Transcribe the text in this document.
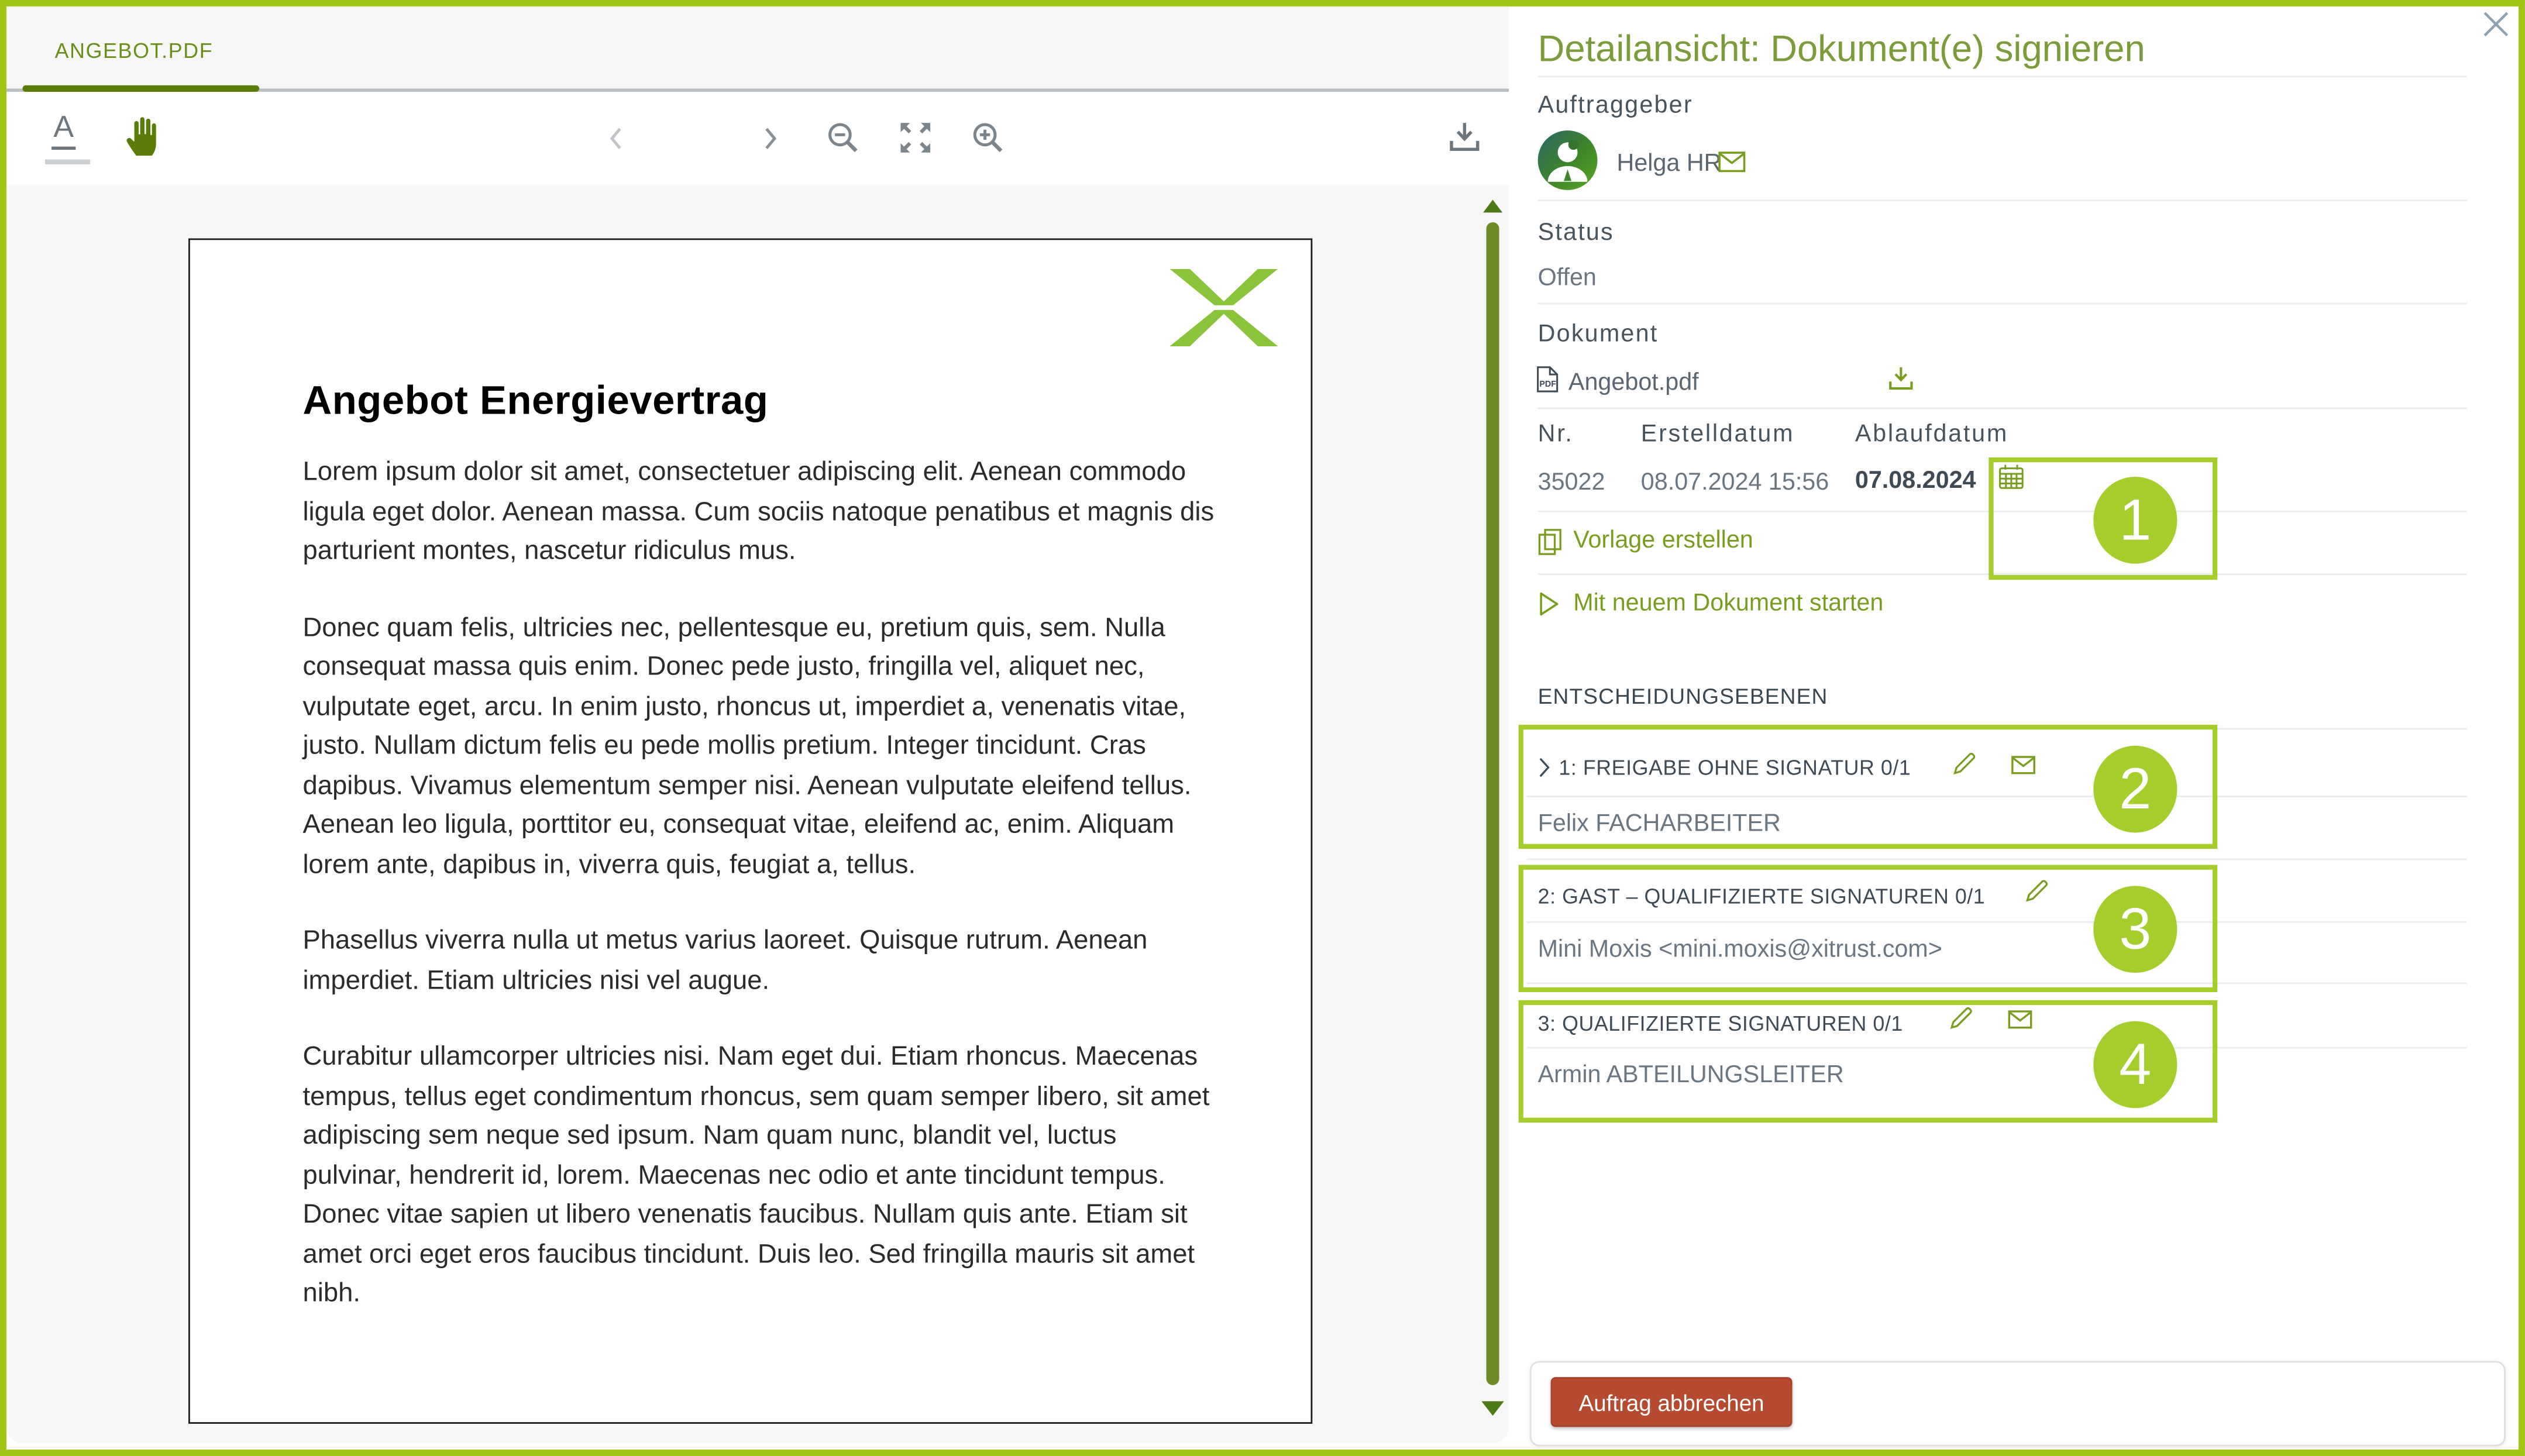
ANGEBOT.PDF
A
Angebot Energievertrag

Lorem ipsum dolor sit amet, consectetuer adipiscing elit. Aenean commodo ligula eget dolor. Aenean massa. Cum sociis natoque penatibus et magnis dis parturient montes, nascetur ridiculus mus.

Donec quam felis, ultricies nec, pellentesque eu, pretium quis, sem. Nulla consequat massa quis enim. Donec pede justo, fringilla vel, aliquet nec, vulputate eget, arcu. In enim justo, rhoncus ut, imperdiet a, venenatis vitae, justo. Nullam dictum felis eu pede mollis pretium. Integer tincidunt. Cras dapibus. Vivamus elementum semper nisi. Aenean vulputate eleifend tellus. Aenean leo ligula, porttitor eu, consequat vitae, eleifend ac, enim. Aliquam lorem ante, dapibus in, viverra quis, feugiat a, tellus.

Phasellus viverra nulla ut metus varius laoreet. Quisque rutrum. Aenean imperdiet. Etiam ultricies nisi vel augue.

Curabitur ullamcorper ultricies nisi. Nam eget dui. Etiam rhoncus. Maecenas tempus, tellus eget condimentum rhoncus, sem quam semper libero, sit amet adipiscing sem neque sed ipsum. Nam quam nunc, blandit vel, luctus pulvinar, hendrerit id, lorem. Maecenas nec odio et ante tincidunt tempus. Donec vitae sapien ut libero venenatis faucibus. Nullam quis ante. Etiam sit amet orci eget eros faucibus tincidunt. Duis leo. Sed fringilla mauris sit amet nibh.

Detailansicht: Dokument(e) signieren
Auftraggeber
Helga HR
Status
Offen
Dokument
PDF Angebot.pdf
Nr.	Erstelldatum	Ablaufdatum
35022	08.07.2024 15:56	07.08.2024
Vorlage erstellen
Mit neuem Dokument starten
ENTSCHEIDUNGSEBENEN
1: FREIGABE OHNE SIGNATUR 0/1
Felix FACHARBEITER
2: GAST – QUALIFIZIERTE SIGNATUREN 0/1
Mini Moxis <mini.moxis@xitrust.com>
3: QUALIFIZIERTE SIGNATUREN 0/1
Armin ABTEILUNGSLEITER
1
2
3
4
Auftrag abbrechen
